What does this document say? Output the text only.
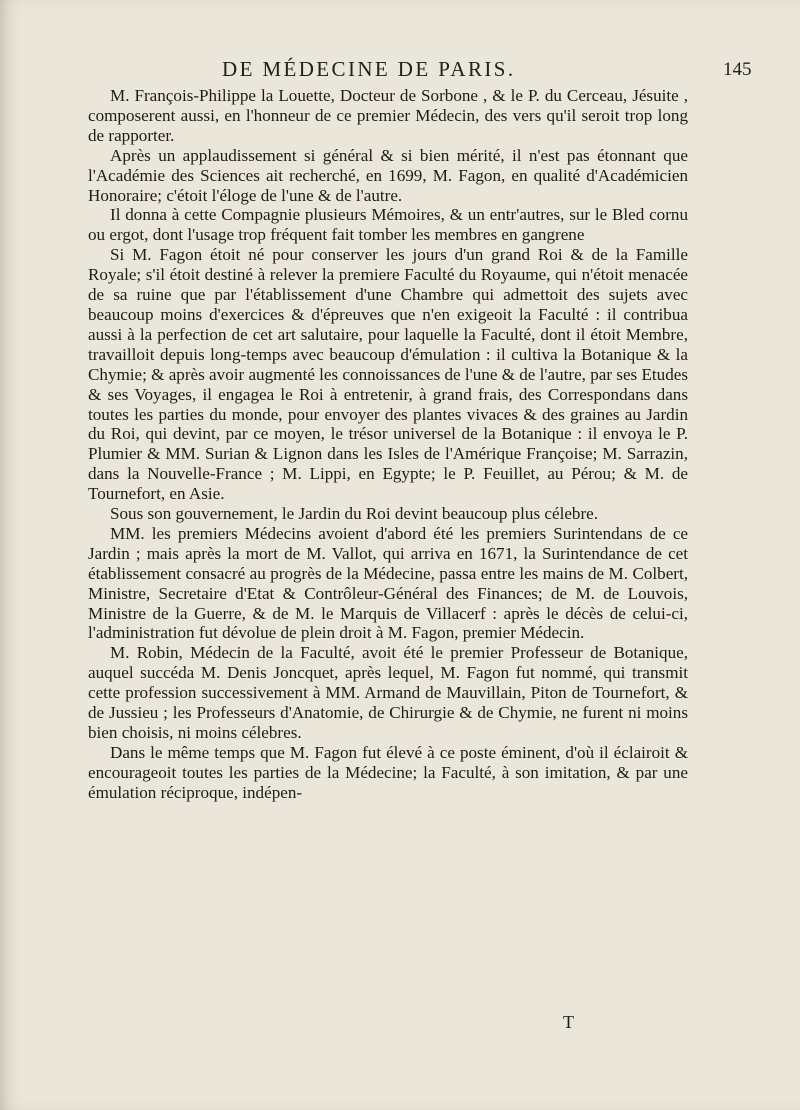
DE MÉDECINE DE PARIS.	145

M. François-Philippe la Louette, Docteur de Sorbone , & le P. du Cerceau, Jésuite , composerent aussi, en l'honneur de ce premier Médecin, des vers qu'il seroit trop long de rapporter.

Après un applaudissement si général & si bien mérité, il n'est pas étonnant que l'Académie des Sciences ait recherché, en 1699, M. Fagon, en qualité d'Académicien Honoraire; c'étoit l'éloge de l'une & de l'autre.

Il donna à cette Compagnie plusieurs Mémoires, & un entr'autres, sur le Bled cornu ou ergot, dont l'usage trop fréquent fait tomber les membres en gangrene

Si M. Fagon étoit né pour conserver les jours d'un grand Roi & de la Famille Royale; s'il étoit destiné à relever la premiere Faculté du Royaume, qui n'étoit menacée de sa ruine que par l'établissement d'une Chambre qui admettoit des sujets avec beaucoup moins d'exercices & d'épreuves que n'en exigeoit la Faculté : il contribua aussi à la perfection de cet art salutaire, pour laquelle la Faculté, dont il étoit Membre, travailloit depuis long-temps avec beaucoup d'émulation : il cultiva la Botanique & la Chymie; & après avoir augmenté les connoissances de l'une & de l'autre, par ses Etudes & ses Voyages, il engagea le Roi à entretenir, à grand frais, des Correspondans dans toutes les parties du monde, pour envoyer des plantes vivaces & des graines au Jardin du Roi, qui devint, par ce moyen, le trésor universel de la Botanique : il envoya le P. Plumier & MM. Surian & Lignon dans les Isles de l'Amérique Françoise; M. Sarrazin, dans la Nouvelle-France ; M. Lippi, en Egypte; le P. Feuillet, au Pérou; & M. de Tournefort, en Asie.

Sous son gouvernement, le Jardin du Roi devint beaucoup plus célebre.

MM. les premiers Médecins avoient d'abord été les premiers Surintendans de ce Jardin ; mais après la mort de M. Vallot, qui arriva en 1671, la Surintendance de cet établissement consacré au progrès de la Médecine, passa entre les mains de M. Colbert, Ministre, Secretaire d'Etat & Contrôleur-Général des Finances; de M. de Louvois, Ministre de la Guerre, & de M. le Marquis de Villacerf : après le décès de celui-ci, l'administration fut dévolue de plein droit à M. Fagon, premier Médecin.

M. Robin, Médecin de la Faculté, avoit été le premier Professeur de Botanique, auquel succéda M. Denis Joncquet, après lequel, M. Fagon fut nommé, qui transmit cette profession successivement à MM. Armand de Mauvillain, Piton de Tournefort, & de Jussieu ; les Professeurs d'Anatomie, de Chirurgie & de Chymie, ne furent ni moins bien choisis, ni moins célebres.

Dans le même temps que M. Fagon fut élevé à ce poste éminent, d'où il éclairoit & encourageoit toutes les parties de la Médecine; la Faculté, à son imitation, & par une émulation réciproque, indépen-

T
